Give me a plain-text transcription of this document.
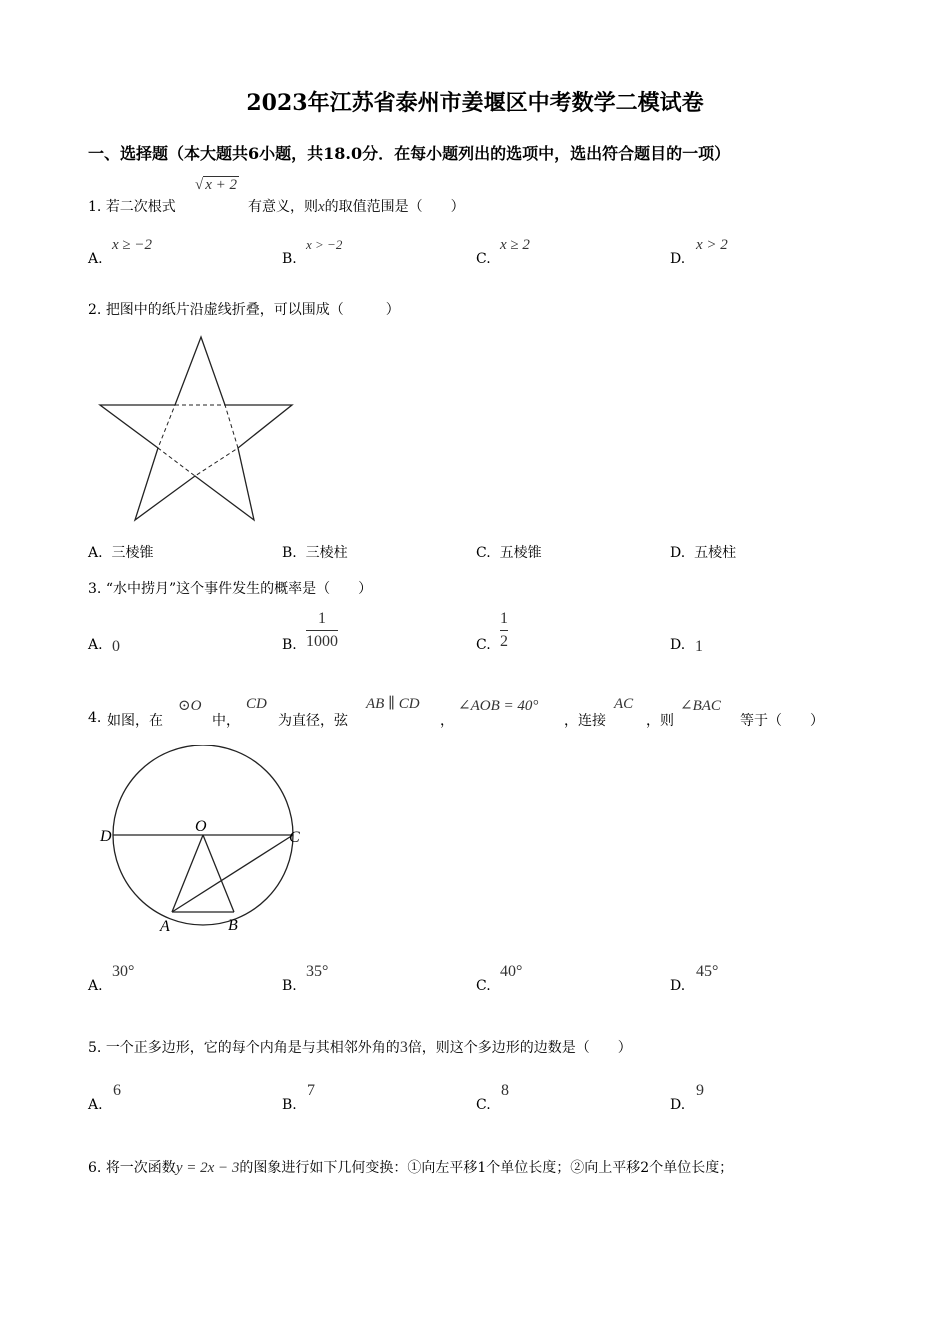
2023年江苏省泰州市姜堰区中考数学二模试卷
一、选择题（本大题共6小题，共18.0分．在每小题列出的选项中，选出符合题目的一项）
1. 若二次根式
√ x + 2
有意义，则x的取值范围是（　　）
A.
x ≥ −2
B.
x > −2
C.
x ≥ 2
D.
x > 2
2. 把图中的纸片沿虚线折叠，可以围成（　　　）
A. 三棱锥	B. 三棱柱	C. 五棱锥	D. 五棱柱
3. “水中捞月”这个事件发生的概率是（　　）
A. 0	B.
1
1000	C.
1
2	D. 1
4. 如图，在
⊙O
中，
CD
为直径，弦
AB ∥ CD
，
∠AOB = 40°
，连接
AC
，则
∠BAC
等于（　　）
D
O
C
A	B
A.
30°
B.
35°
C.
40°
D.
45°
5. 一个正多边形，它的每个内角是与其相邻外角的3倍，则这个多边形的边数是（　　）
A.
6
B.
7
C.
8
D.
9
6. 将一次函数y = 2x − 3的图象进行如下几何变换：①向左平移1个单位长度；②向上平移2个单位长度；
